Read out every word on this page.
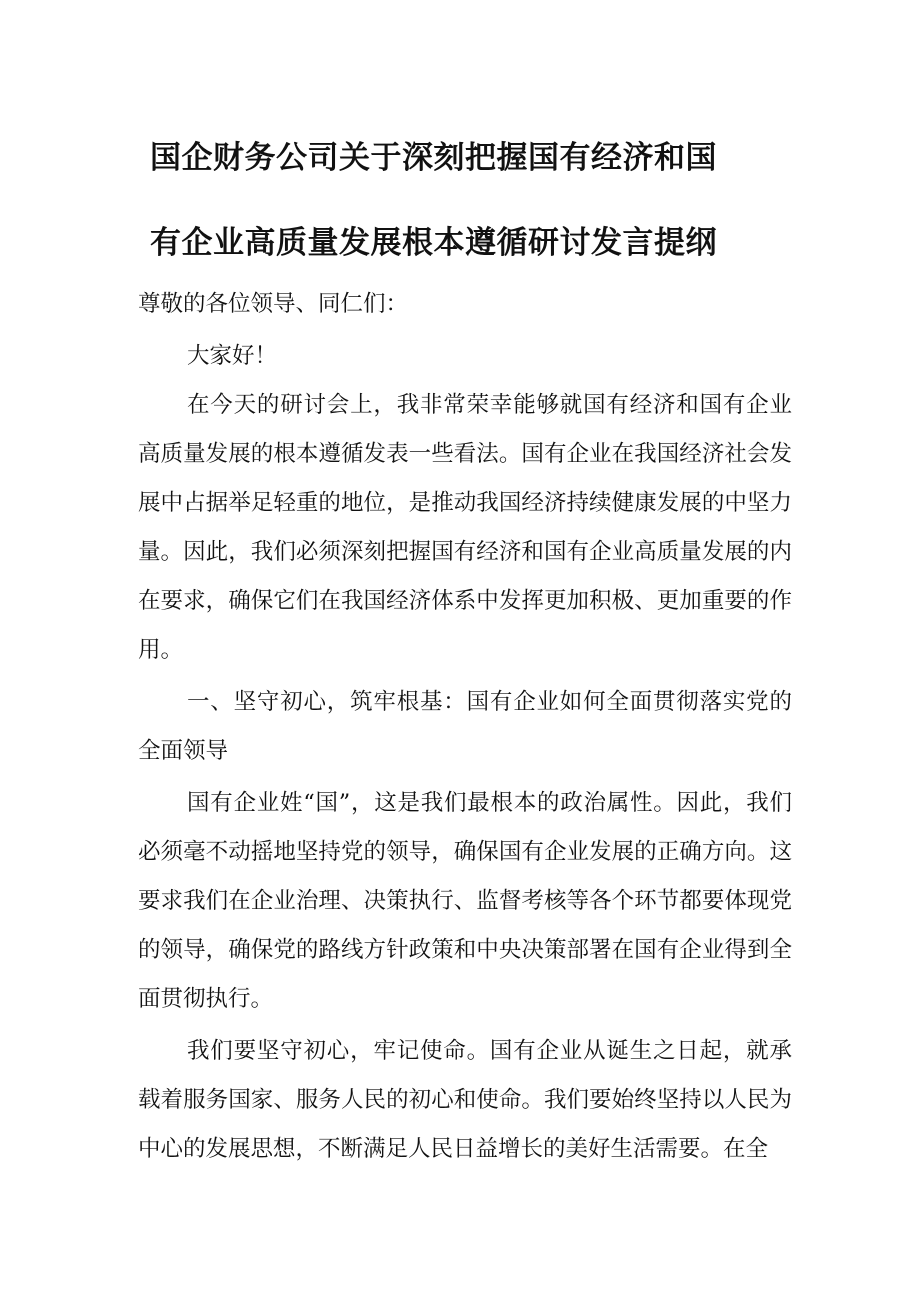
国企财务公司关于深刻把握国有经济和国
有企业高质量发展根本遵循研讨发言提纲

尊敬的各位领导、同仁们：

大家好！

在今天的研讨会上，我非常荣幸能够就国有经济和国有企业高质量发展的根本遵循发表一些看法。国有企业在我国经济社会发展中占据举足轻重的地位，是推动我国经济持续健康发展的中坚力量。因此，我们必须深刻把握国有经济和国有企业高质量发展的内在要求，确保它们在我国经济体系中发挥更加积极、更加重要的作用。

一、坚守初心，筑牢根基：国有企业如何全面贯彻落实党的全面领导

国有企业姓“国”，这是我们最根本的政治属性。因此，我们必须毫不动摇地坚持党的领导，确保国有企业发展的正确方向。这要求我们在企业治理、决策执行、监督考核等各个环节都要体现党的领导，确保党的路线方针政策和中央决策部署在国有企业得到全面贯彻执行。

我们要坚守初心，牢记使命。国有企业从诞生之日起，就承载着服务国家、服务人民的初心和使命。我们要始终坚持以人民为中心的发展思想，不断满足人民日益增长的美好生活需要。在全
